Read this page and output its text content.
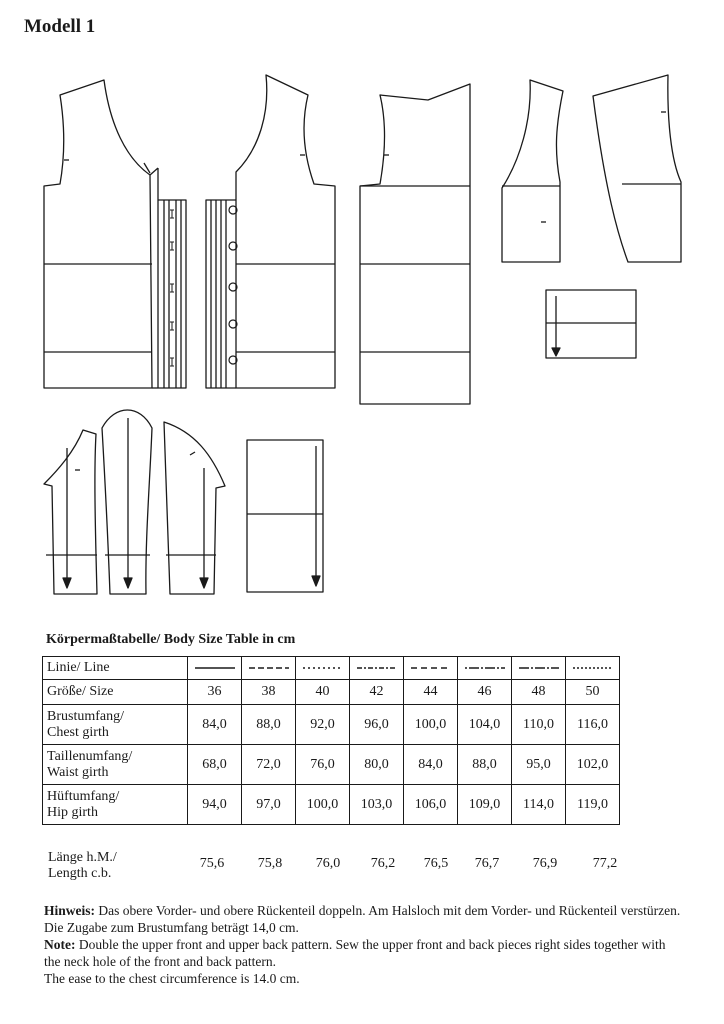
Modell 1
Körpermaßtabelle/ Body Size Table in cm
Linie/ Line								
Größe/ Size	36	38	40	42	44	46	48	50
Brustumfang/
Chest girth	84,0	88,0	92,0	96,0	100,0	104,0	110,0	116,0
Taillenumfang/
Waist girth	68,0	72,0	76,0	80,0	84,0	88,0	95,0	102,0
Hüftumfang/
Hip girth	94,0	97,0	100,0	103,0	106,0	109,0	114,0	119,0
Länge h.M./
Length c.b.
75,6	75,8	76,0	76,2	76,5	76,7	76,9	77,2

Hinweis: Das obere Vorder- und obere Rückenteil doppeln. Am Halsloch mit dem Vorder- und Rückenteil verstürzen. Die Zugabe zum Brustumfang beträgt 14,0 cm.

Note: Double the upper front and upper back pattern. Sew the upper front and back pieces right sides together with the neck hole of the front and back pattern.

The ease to the chest circumference is 14.0 cm.
